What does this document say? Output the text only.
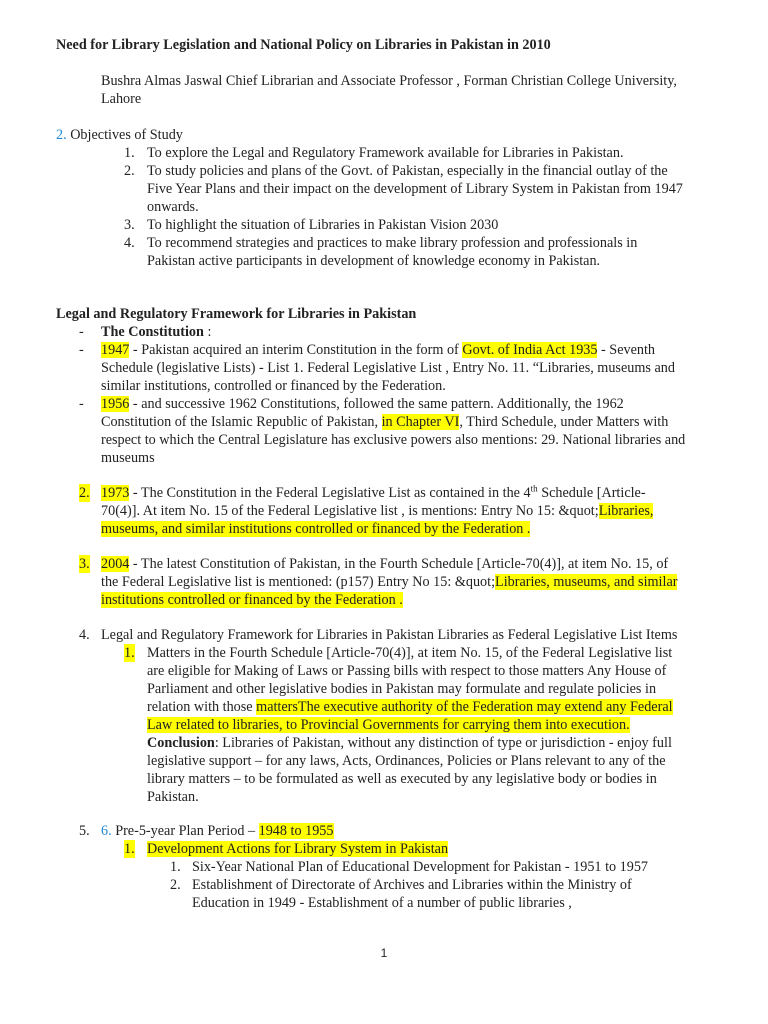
Need for Library Legislation and National Policy on Libraries in Pakistan in 2010
Bushra Almas Jaswal Chief Librarian and Associate Professor , Forman Christian College University,
Lahore
2. Objectives of Study
1. To explore the Legal and Regulatory Framework available for Libraries in Pakistan.
2. To study policies and plans of the Govt. of Pakistan, especially in the financial outlay of the
Five Year Plans and their impact on the development of Library System in Pakistan from 1947
onwards.
3. To highlight the situation of Libraries in Pakistan Vision 2030
4. To recommend strategies and practices to make library profession and professionals in
Pakistan active participants in development of knowledge economy in Pakistan.
Legal and Regulatory Framework for Libraries in Pakistan
- The Constitution :
- 1947 - Pakistan acquired an interim Constitution in the form of Govt. of India Act 1935 - Seventh
Schedule (legislative Lists) - List 1. Federal Legislative List , Entry No. 11. “Libraries, museums and
similar institutions, controlled or financed by the Federation.
- 1956 - and successive 1962 Constitutions, followed the same pattern. Additionally, the 1962
Constitution of the Islamic Republic of Pakistan, in Chapter VI, Third Schedule, under Matters with
respect to which the Central Legislature has exclusive powers also mentions: 29. National libraries and
museums
2. 1973 - The Constitution in the Federal Legislative List as contained in the 4th Schedule [Article-
70(4)]. At item No. 15 of the Federal Legislative list , is mentions: Entry No 15: &quot;Libraries,
museums, and similar institutions controlled or financed by the Federation .
3. 2004 - The latest Constitution of Pakistan, in the Fourth Schedule [Article-70(4)], at item No. 15, of
the Federal Legislative list is mentioned: (p157) Entry No 15: &quot;Libraries, museums, and similar
institutions controlled or financed by the Federation .
4. Legal and Regulatory Framework for Libraries in Pakistan Libraries as Federal Legislative List Items
1. Matters in the Fourth Schedule [Article-70(4)], at item No. 15, of the Federal Legislative list
are eligible for Making of Laws or Passing bills with respect to those matters Any House of
Parliament and other legislative bodies in Pakistan may formulate and regulate policies in
relation with those mattersThe executive authority of the Federation may extend any Federal
Law related to libraries, to Provincial Governments for carrying them into execution.
Conclusion: Libraries of Pakistan, without any distinction of type or jurisdiction - enjoy full
legislative support – for any laws, Acts, Ordinances, Policies or Plans relevant to any of the
library matters – to be formulated as well as executed by any legislative body or bodies in
Pakistan.
5. 6. Pre-5-year Plan Period – 1948 to 1955
1. Development Actions for Library System in Pakistan
1. Six-Year National Plan of Educational Development for Pakistan - 1951 to 1957
2. Establishment of Directorate of Archives and Libraries within the Ministry of
Education in 1949 - Establishment of a number of public libraries ,
1
